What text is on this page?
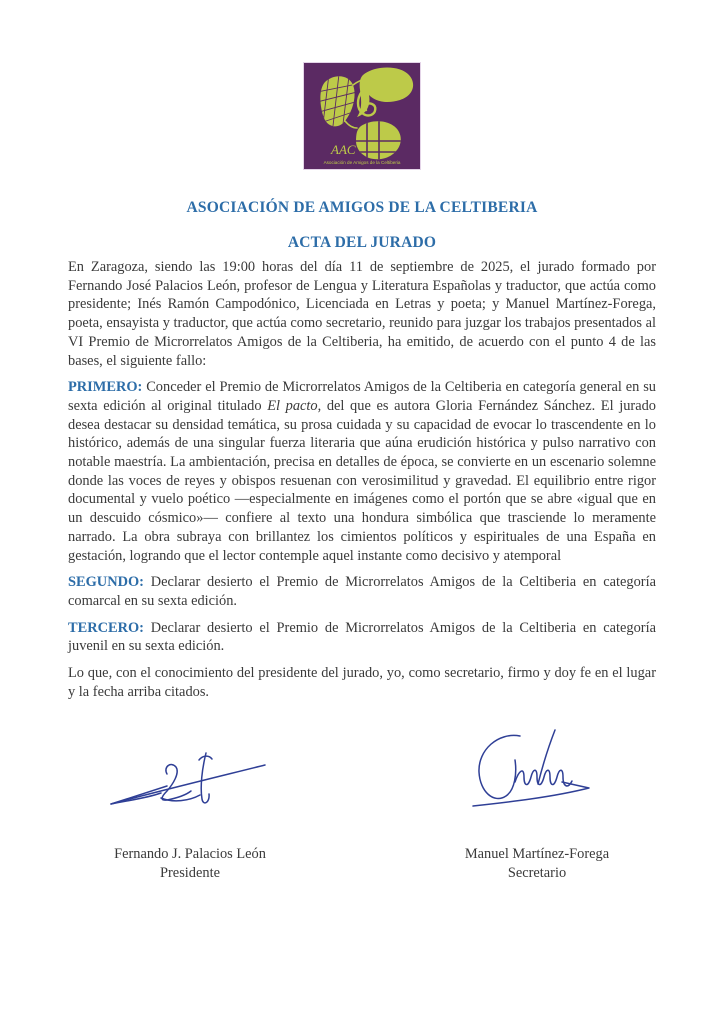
AAC
Asociación de Amigos de la Celtiberia
ASOCIACIÓN DE AMIGOS DE LA CELTIBERIA
ACTA DEL JURADO

En Zaragoza, siendo las 19:00 horas del día 11 de septiembre de 2025, el jurado formado por Fernando José Palacios León, profesor de Lengua y Literatura Españolas y traductor, que actúa como presidente; Inés Ramón Campodónico, Licenciada en Letras y poeta; y Manuel Martínez-Forega, poeta, ensayista y traductor, que actúa como secretario, reunido para juzgar los trabajos presentados al VI Premio de Microrrelatos Amigos de la Celtiberia, ha emitido, de acuerdo con el punto 4 de las bases, el siguiente fallo:

PRIMERO: Conceder el Premio de Microrrelatos Amigos de la Celtiberia en categoría general en su sexta edición al original titulado El pacto, del que es autora Gloria Fernández Sánchez. El jurado desea destacar su densidad temática, su prosa cuidada y su capacidad de evocar lo trascendente en lo histórico, además de una singular fuerza literaria que aúna erudición histórica y pulso narrativo con notable maestría. La ambientación, precisa en detalles de época, se convierte en un escenario solemne donde las voces de reyes y obispos resuenan con verosimilitud y gravedad. El equilibrio entre rigor documental y vuelo poético —especialmente en imágenes como el portón que se abre «igual que en un descuido cósmico»— confiere al texto una hondura simbólica que trasciende lo meramente narrado. La obra subraya con brillantez los cimientos políticos y espirituales de una España en gestación, logrando que el lector contemple aquel instante como decisivo y atemporal

SEGUNDO: Declarar desierto el Premio de Microrrelatos Amigos de la Celtiberia en categoría comarcal en su sexta edición.

TERCERO: Declarar desierto el Premio de Microrrelatos Amigos de la Celtiberia en categoría juvenil en su sexta edición.

Lo que, con el conocimiento del presidente del jurado, yo, como secretario, firmo y doy fe en el lugar y la fecha arriba citados.

Fernando J. Palacios León
Presidente
Manuel Martínez-Forega
Secretario
